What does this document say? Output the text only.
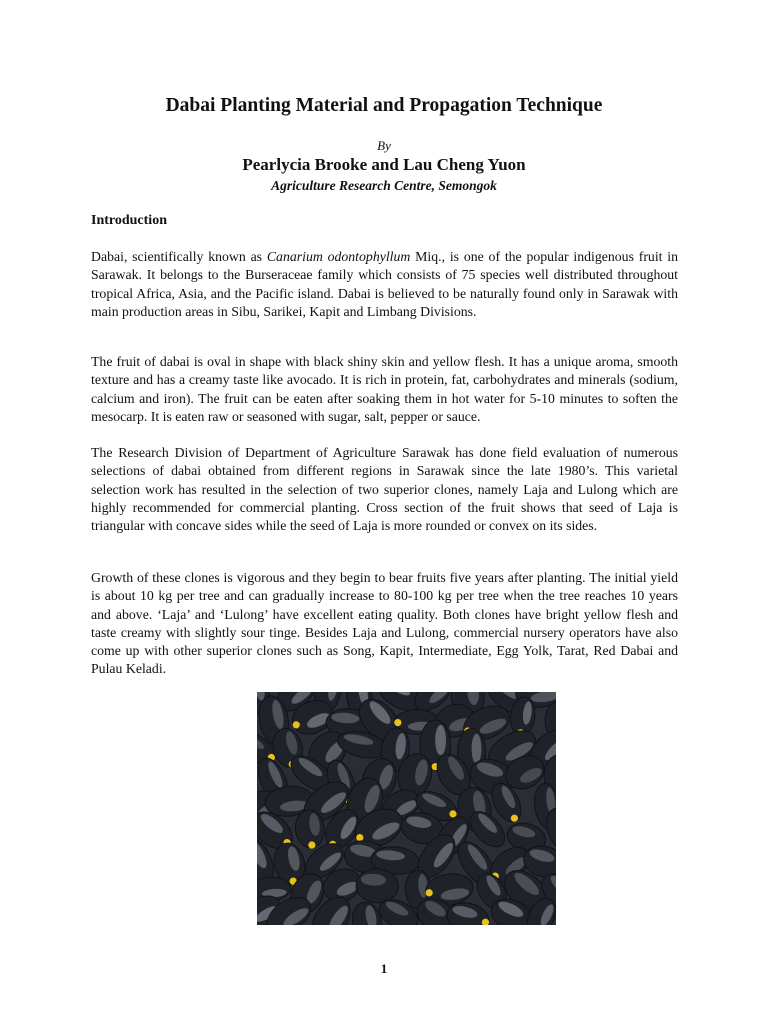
Dabai Planting Material and Propagation Technique
By
Pearlycia Brooke and Lau Cheng Yuon
Agriculture Research Centre, Semongok
Introduction

Dabai, scientifically known as Canarium odontophyllum Miq., is one of the popular indigenous fruit in Sarawak. It belongs to the Burseraceae family which consists of 75 species well distributed throughout tropical Africa, Asia, and the Pacific island. Dabai is believed to be naturally found only in Sarawak with main production areas in Sibu, Sarikei, Kapit and Limbang Divisions.

The fruit of dabai is oval in shape with black shiny skin and yellow flesh. It has a unique aroma, smooth texture and has a creamy taste like avocado. It is rich in protein, fat, carbohydrates and minerals (sodium, calcium and iron). The fruit can be eaten after soaking them in hot water for 5-10 minutes to soften the mesocarp. It is eaten raw or seasoned with sugar, salt, pepper or sauce.

The Research Division of Department of Agriculture Sarawak has done field evaluation of numerous selections of dabai obtained from different regions in Sarawak since the late 1980’s. This varietal selection work has resulted in the selection of two superior clones, namely Laja and Lulong which are highly recommended for commercial planting. Cross section of the fruit shows that seed of Laja is triangular with concave sides while the seed of Laja is more rounded or convex on its sides.

Growth of these clones is vigorous and they begin to bear fruits five years after planting. The initial yield is about 10 kg per tree and can gradually increase to 80-100 kg per tree when the tree reaches 10 years and above. ‘Laja’ and ‘Lulong’ have excellent eating quality. Both clones have bright yellow flesh and taste creamy with slightly sour tinge. Besides Laja and Lulong, commercial nursery operators have also come up with other superior clones such as Song, Kapit, Intermediate, Egg Yolk, Tarat, Red Dabai and Pulau Keladi.

1
